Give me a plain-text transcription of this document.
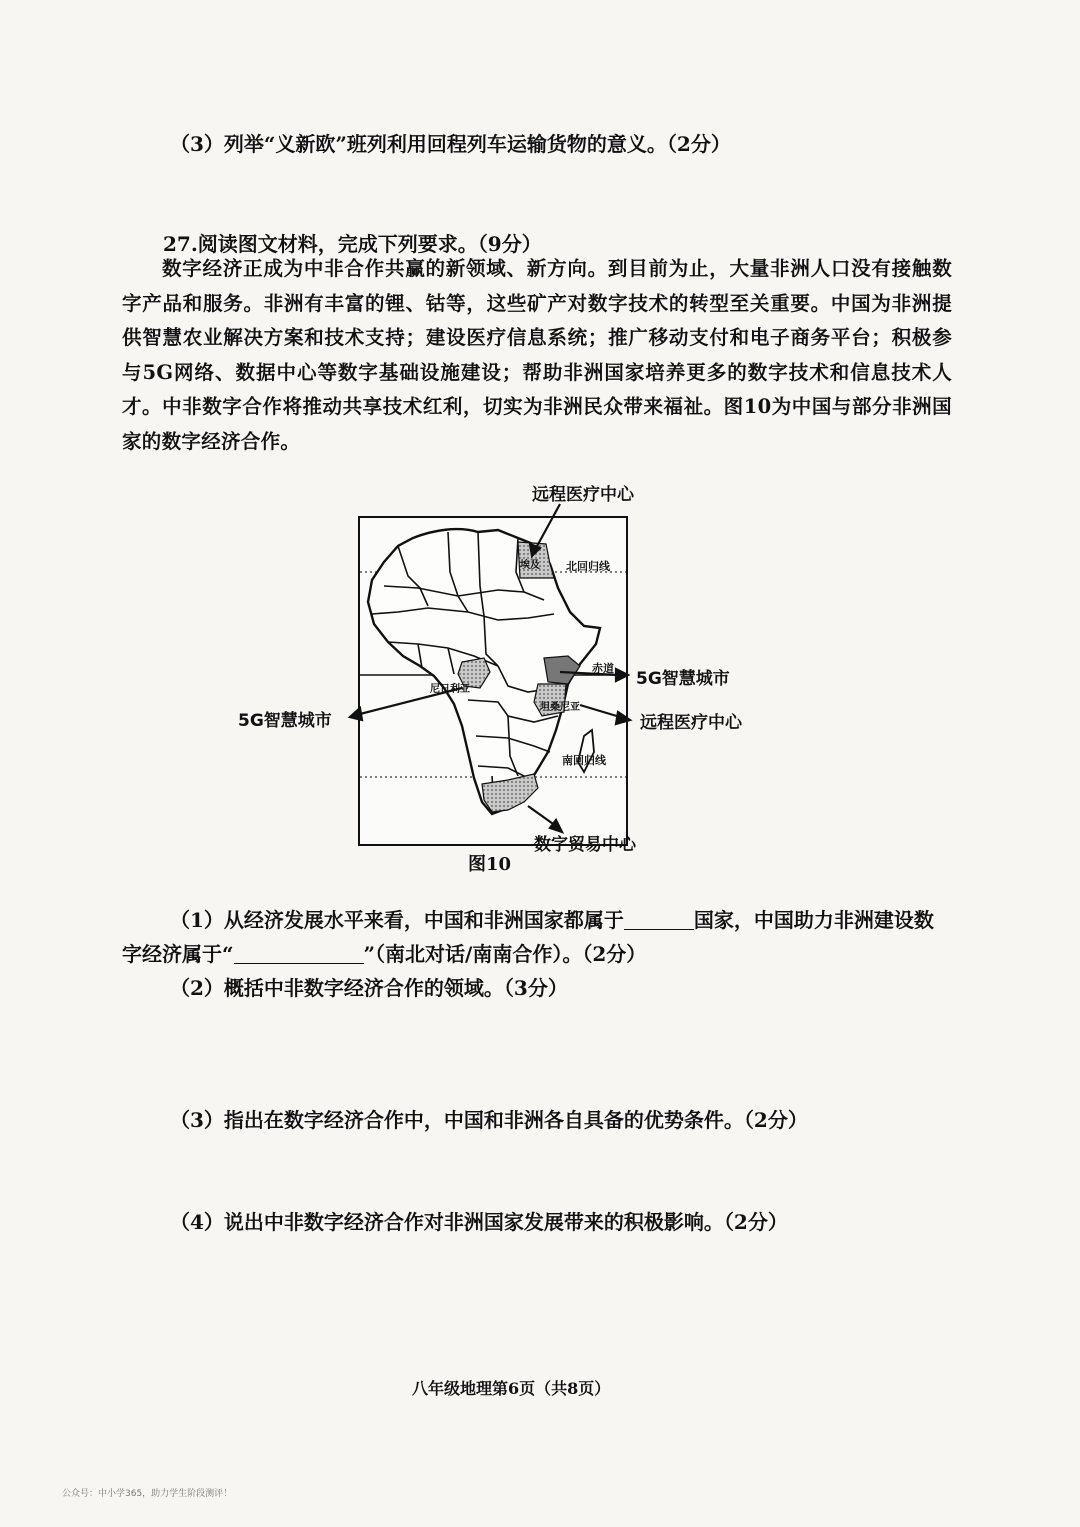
（3）列举“义新欧”班列利用回程列车运输货物的意义。（2分）
27.阅读图文材料，完成下列要求。（9分）
数字经济正成为中非合作共赢的新领域、新方向。到目前为止，大量非洲人口没有接触数字产品和服务。非洲有丰富的锂、钴等，这些矿产对数字技术的转型至关重要。中国为非洲提供智慧农业解决方案和技术支持；建设医疗信息系统；推广移动支付和电子商务平台；积极参与5G网络、数据中心等数字基础设施建设；帮助非洲国家培养更多的数字技术和信息技术人才。中非数字合作将推动共享技术红利，切实为非洲民众带来福祉。图10为中国与部分非洲国家的数字经济合作。
远程医疗中心
5G智慧城市
远程医疗中心
5G智慧城市
数字贸易中心
北回归线
南回归线
赤道
埃及
尼日利亚
坦桑尼亚
图10
（1）从经济发展水平来看，中国和非洲国家都属于	国家，中国助力非洲建设数
字经济属于“	”（南北对话/南南合作）。（2分）
（2）概括中非数字经济合作的领域。（3分）
（3）指出在数字经济合作中，中国和非洲各自具备的优势条件。（2分）
（4）说出中非数字经济合作对非洲国家发展带来的积极影响。（2分）
八年级地理第6页（共8页）
公众号：中小学365，助力学生阶段测评！
